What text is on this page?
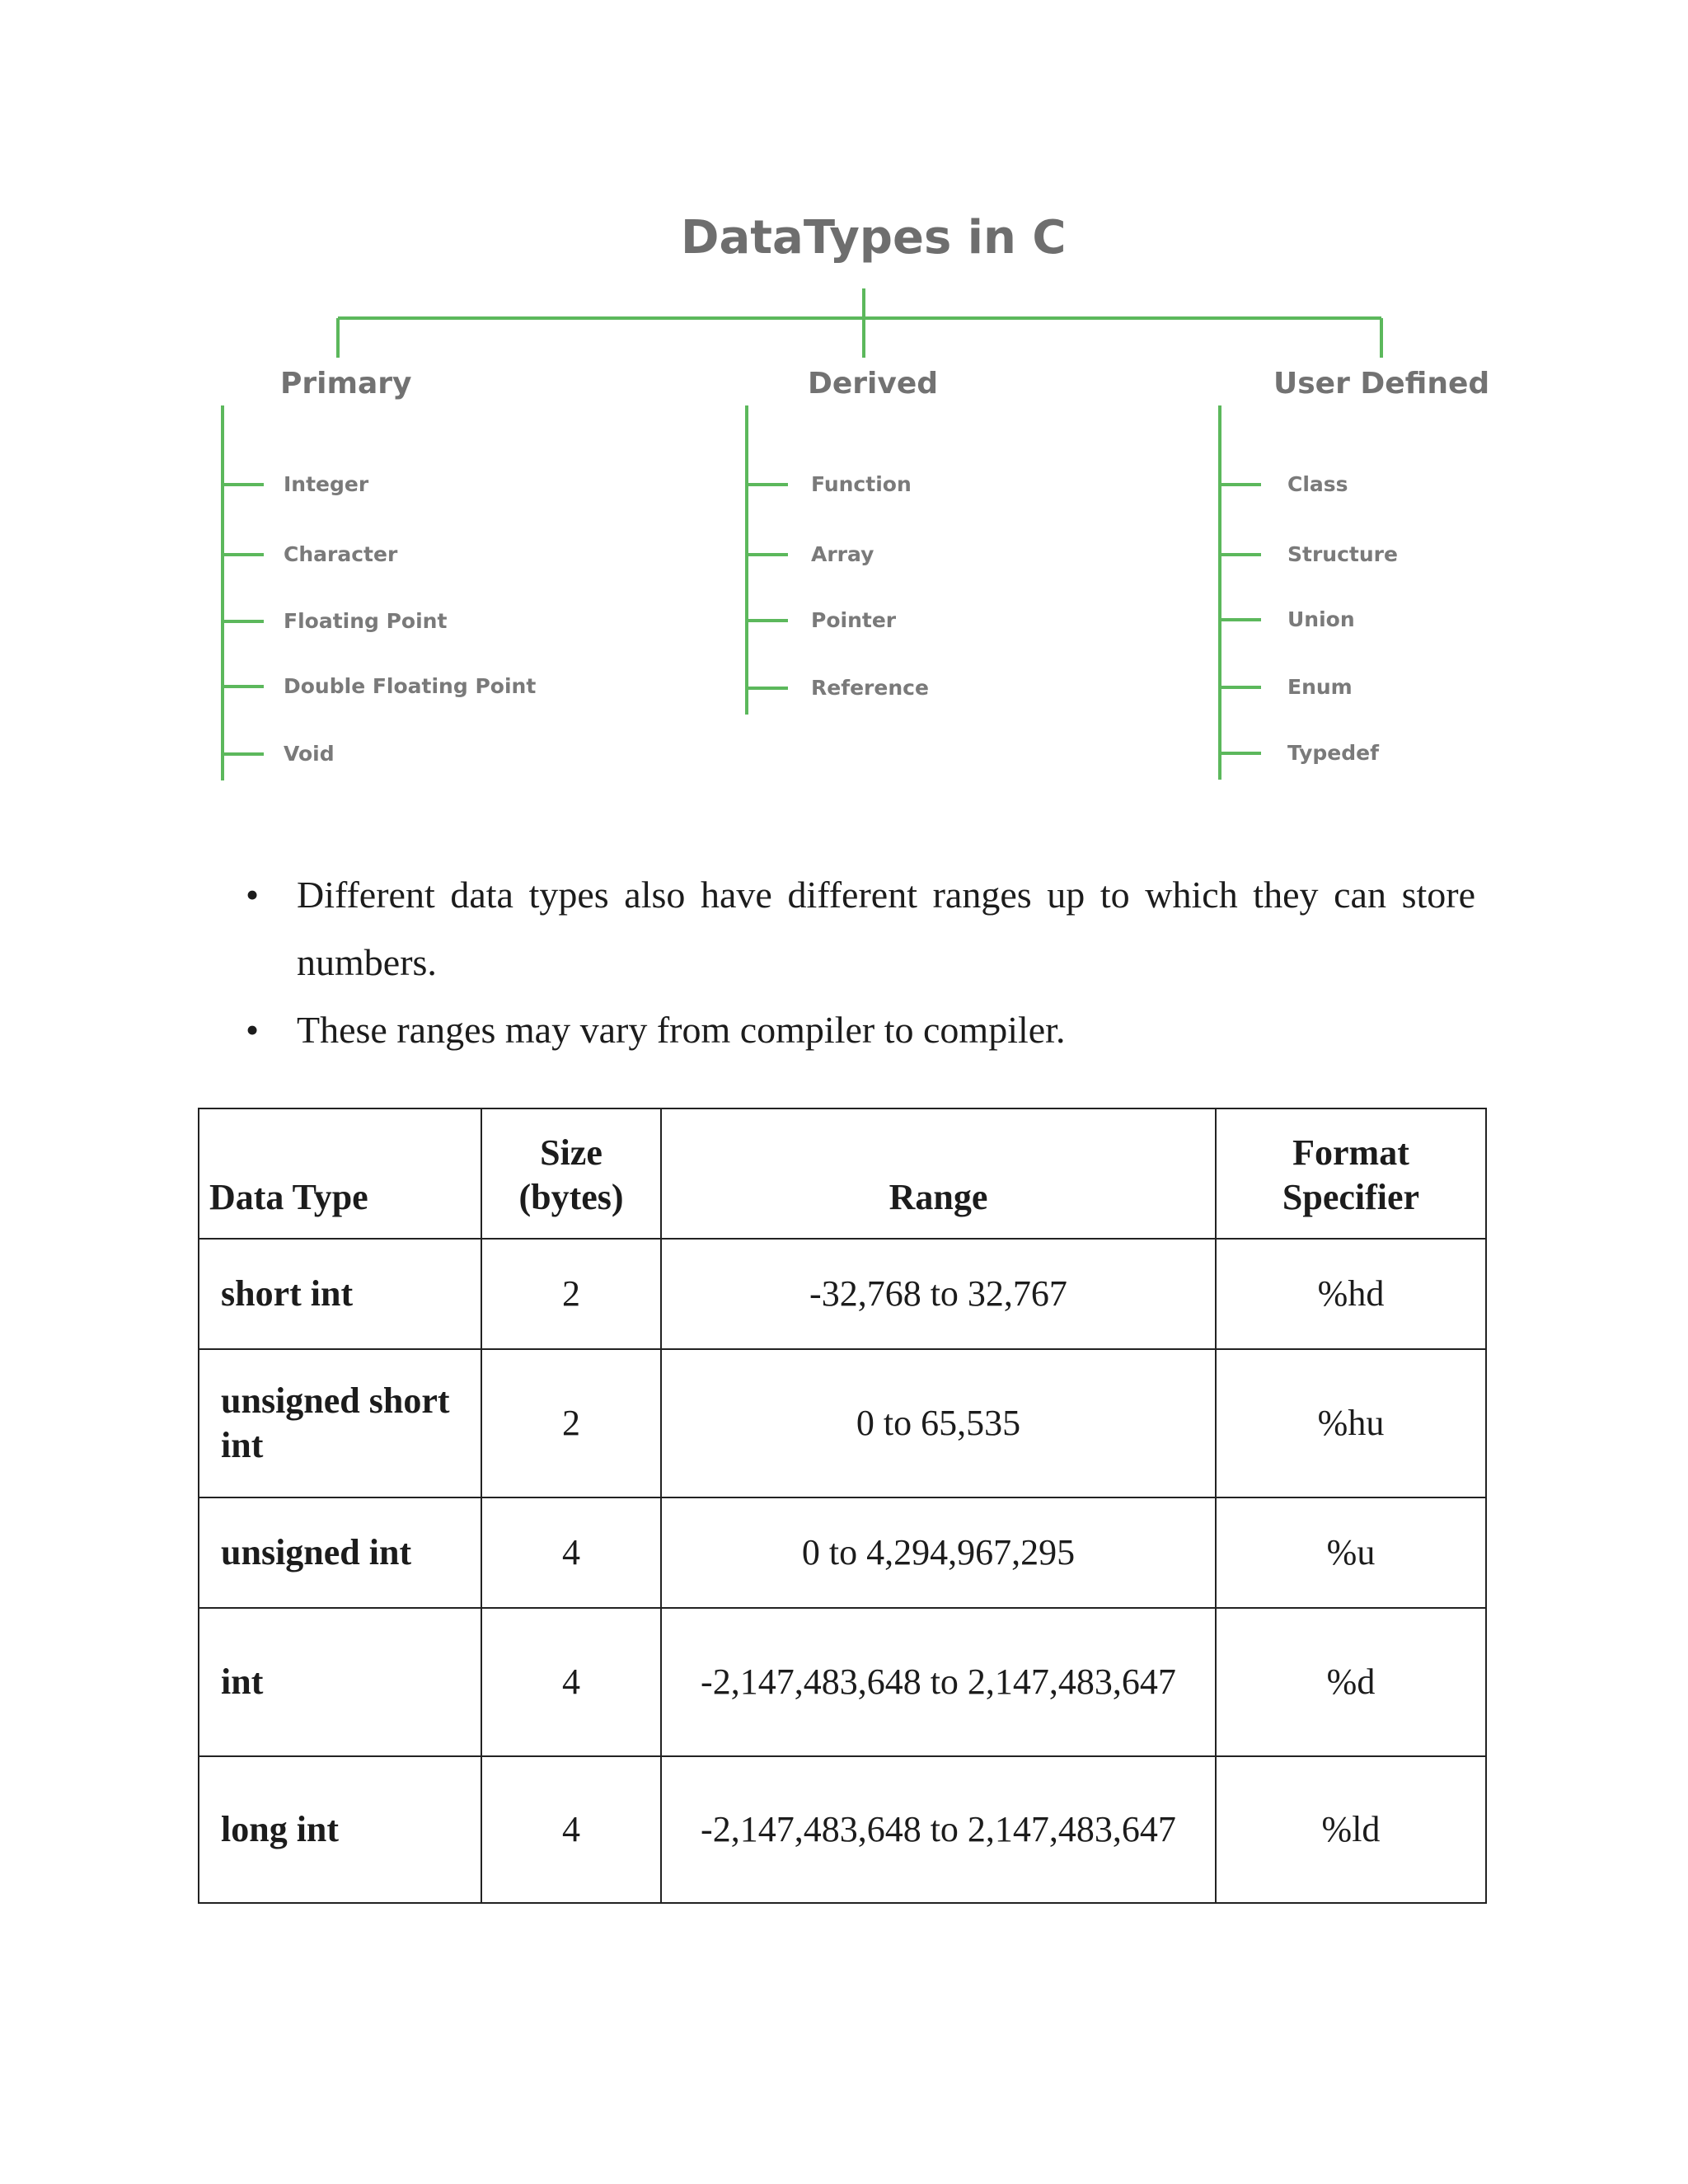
DataTypes in C
Primary	Derived	User Defined
Integer
Character
Floating Point
Double Floating Point
Void
Function
Array
Pointer
Reference
Class
Structure
Union
Enum
Typedef
• Different data types also have different ranges up to which they can store numbers.
• These ranges may vary from compiler to compiler.
Data Type	Size (bytes)	Range	Format Specifier
short int	2	-32,768 to 32,767	%hd
unsigned short int	2	0 to 65,535	%hu
unsigned int	4	0 to 4,294,967,295	%u
int	4	-2,147,483,648 to 2,147,483,647	%d
long int	4	-2,147,483,648 to 2,147,483,647	%ld
